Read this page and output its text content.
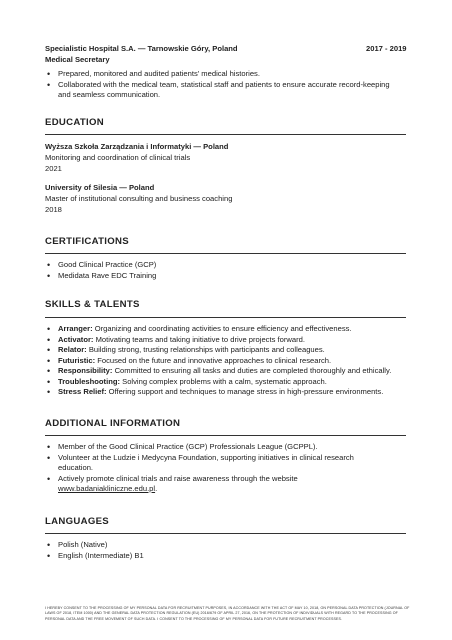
Specialistic Hospital S.A. — Tarnowskie Góry, Poland	2017 - 2019
Medical Secretary
• Prepared, monitored and audited patients' medical histories.
• Collaborated with the medical team, statistical staff and patients to ensure accurate record-keeping and seamless communication.
EDUCATION
Wyższa Szkoła Zarządzania i Informatyki — Poland
Monitoring and coordination of clinical trials
2021
University of Silesia — Poland
Master of institutional consulting and business coaching
2018
CERTIFICATIONS
• Good Clinical Practice (GCP)
• Medidata Rave EDC Training
SKILLS & TALENTS
• Arranger: Organizing and coordinating activities to ensure efficiency and effectiveness.
• Activator: Motivating teams and taking initiative to drive projects forward.
• Relator: Building strong, trusting relationships with participants and colleagues.
• Futuristic: Focused on the future and innovative approaches to clinical research.
• Responsibility: Committed to ensuring all tasks and duties are completed thoroughly and ethically.
• Troubleshooting: Solving complex problems with a calm, systematic approach.
• Stress Relief: Offering support and techniques to manage stress in high-pressure environments.
ADDITIONAL INFORMATION
• Member of the Good Clinical Practice (GCP) Professionals League (GCPPL).
• Volunteer at the Ludzie i Medycyna Foundation, supporting initiatives in clinical research education.
• Actively promote clinical trials and raise awareness through the website
www.badaniakliniczne.edu.pl.
LANGUAGES
• Polish (Native)
• English (Intermediate) B1
I HEREBY CONSENT TO THE PROCESSING OF MY PERSONAL DATA FOR RECRUITMENT PURPOSES, IN ACCORDANCE WITH THE ACT OF MAY 10, 2018, ON PERSONAL DATA PROTECTION (JOURNAL OF LAWS OF 2018, ITEM 1000) AND THE GENERAL DATA PROTECTION REGULATION (EU) 2016/679 OF APRIL 27, 2016, ON THE PROTECTION OF INDIVIDUALS WITH REGARD TO THE PROCESSING OF PERSONAL DATA AND THE FREE MOVEMENT OF SUCH DATA. I CONSENT TO THE PROCESSING OF MY PERSONAL DATA FOR FUTURE RECRUITMENT PROCESSES.
